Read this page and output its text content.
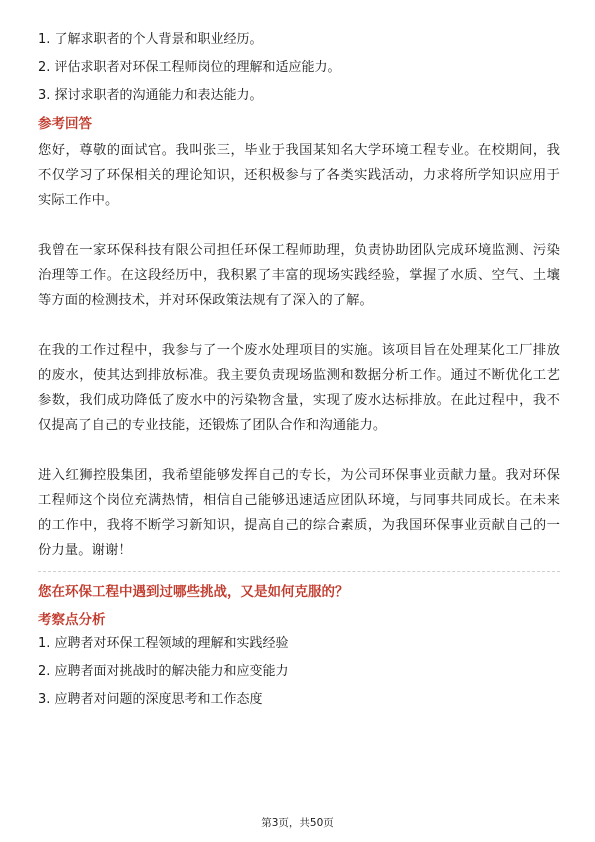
1. 了解求职者的个人背景和职业经历。
2. 评估求职者对环保工程师岗位的理解和适应能力。
3. 探讨求职者的沟通能力和表达能力。
参考回答

您好，尊敬的面试官。我叫张三，毕业于我国某知名大学环境工程专业。在校期间，我不仅学习了环保相关的理论知识，还积极参与了各类实践活动，力求将所学知识应用于实际工作中。

我曾在一家环保科技有限公司担任环保工程师助理，负责协助团队完成环境监测、污染治理等工作。在这段经历中，我积累了丰富的现场实践经验，掌握了水质、空气、土壤等方面的检测技术，并对环保政策法规有了深入的了解。

在我的工作过程中，我参与了一个废水处理项目的实施。该项目旨在处理某化工厂排放的废水，使其达到排放标准。我主要负责现场监测和数据分析工作。通过不断优化工艺参数，我们成功降低了废水中的污染物含量，实现了废水达标排放。在此过程中，我不仅提高了自己的专业技能，还锻炼了团队合作和沟通能力。

进入红狮控股集团，我希望能够发挥自己的专长，为公司环保事业贡献力量。我对环保工程师这个岗位充满热情，相信自己能够迅速适应团队环境，与同事共同成长。在未来的工作中，我将不断学习新知识，提高自己的综合素质，为我国环保事业贡献自己的一份力量。谢谢！

您在环保工程中遇到过哪些挑战，又是如何克服的？
考察点分析
1. 应聘者对环保工程领域的理解和实践经验
2. 应聘者面对挑战时的解决能力和应变能力
3. 应聘者对问题的深度思考和工作态度
第3页，共50页
